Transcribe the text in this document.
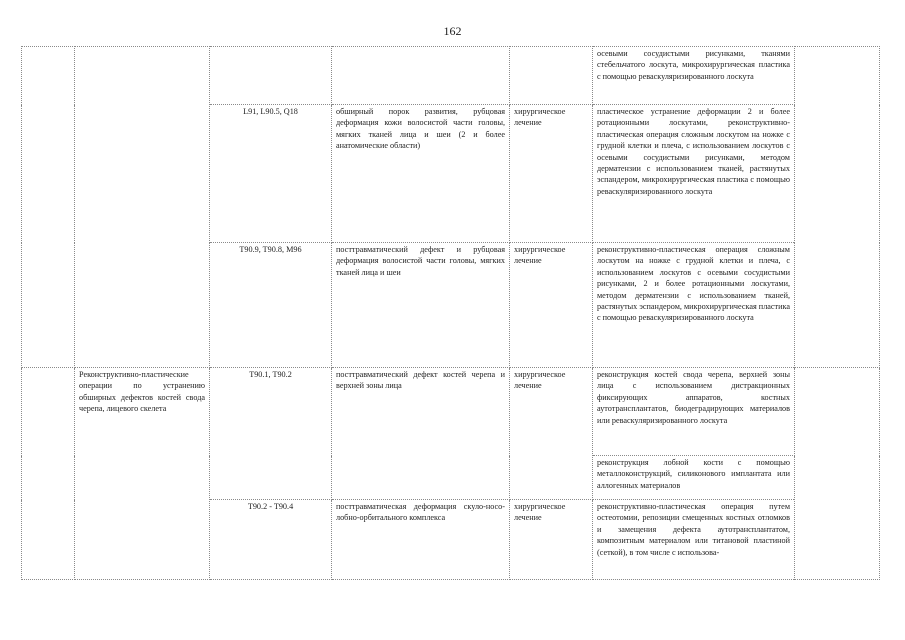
162
					осевыми сосудистыми рисунками, тканями стебельчатого лоскута, микрохирургическая пластика с помощью реваскуляризированного лоскута	
		L91, L90.5, Q18	обширный порок развития, рубцовая деформация кожи волосистой части головы, мягких тканей лица и шеи (2 и более анатомические области)	хирургическое лечение	пластическое устранение деформации 2 и более ротационными лоскутами, реконструктивно-пластическая операция сложным лоскутом на ножке с грудной клетки и плеча, с использованием лоскутов с осевыми сосудистыми рисунками, методом дерматензии с использованием тканей, растянутых эспандером, микрохирургическая пластика с помощью реваскуляризированного лоскута	
		T90.9, T90.8, M96	посттравматический дефект и рубцовая деформация волосистой части головы, мягких тканей лица и шеи	хирургическое лечение	реконструктивно-пластическая операция сложным лоскутом на ножке с грудной клетки и плеча, с использованием лоскутов с осевыми сосудистыми рисунками, 2 и более ротационными лоскутами, методом дерматензии с использованием тканей, растянутых эспандером, микрохирургическая пластика с помощью реваскуляризированного лоскута	
	Реконструктивно-пластические операции по устранению обширных дефектов костей свода черепа, лицевого скелета	T90.1, T90.2	посттравматический дефект костей черепа и верхней зоны лица	хирургическое лечение	реконструкция костей свода черепа, верхней зоны лица с использованием дистракционных фиксирующих аппаратов, костных аутотрансплантатов, биодеградирующих материалов или реваскуляризированного лоскута	
					реконструкция лобной кости с помощью металлоконструкций, силиконового имплантата или аллогенных материалов	
		T90.2 - T90.4	посттравматическая деформация скуло-носо-лобно-орбитального комплекса	хирургическое лечение	реконструктивно-пластическая операция путем остеотомии, репозиции смещенных костных отломков и замещения дефекта аутотрансплантатом, композитным материалом или титановой пластиной (сеткой), в том числе с использова-	
